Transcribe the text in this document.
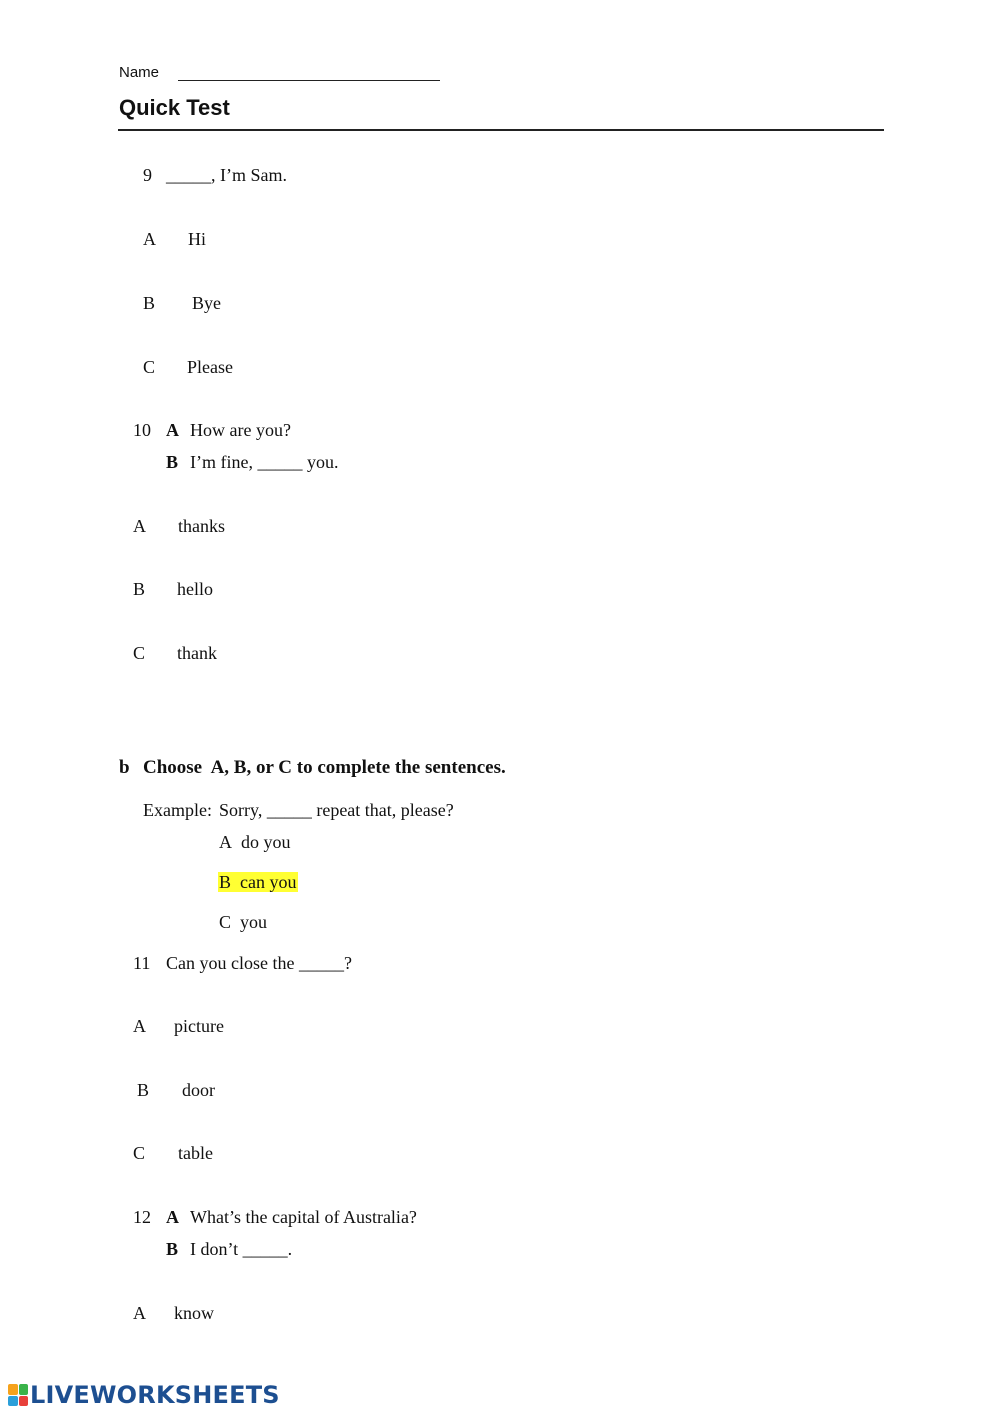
Name
Quick Test
9 _____, I’m Sam.
A Hi
B Bye
C Please
10 A How are you?
B I’m fine, _____ you.
A thanks
B hello
C thank
b Choose  A, B, or C to complete the sentences.
Example: Sorry, _____ repeat that, please?
A do you
B can you
C you
11 Can you close the _____?
A picture
B door
C table
12 A What’s the capital of Australia?
B I don’t _____.
A know
LIVEWORKSHEETS
